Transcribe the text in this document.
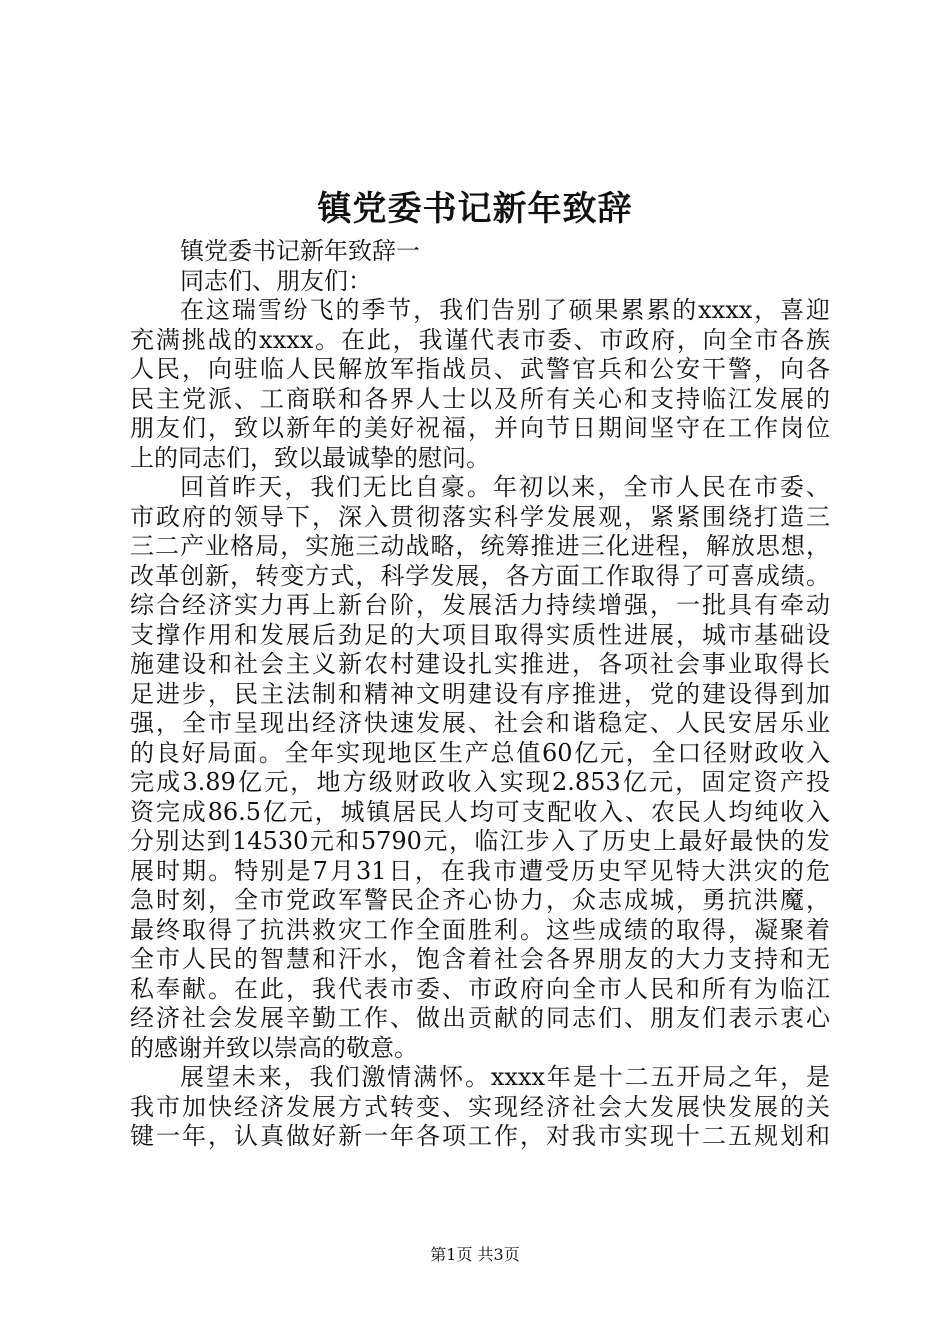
镇党委书记新年致辞
镇党委书记新年致辞一
同志们、朋友们：
在这瑞雪纷飞的季节，我们告别了硕果累累的xxxx，喜迎
充满挑战的xxxx。在此，我谨代表市委、市政府，向全市各族
人民，向驻临人民解放军指战员、武警官兵和公安干警，向各
民主党派、工商联和各界人士以及所有关心和支持临江发展的
朋友们，致以新年的美好祝福，并向节日期间坚守在工作岗位
上的同志们，致以最诚挚的慰问。
回首昨天，我们无比自豪。年初以来，全市人民在市委、
市政府的领导下，深入贯彻落实科学发展观，紧紧围绕打造三
三二产业格局，实施三动战略，统筹推进三化进程，解放思想，
改革创新，转变方式，科学发展，各方面工作取得了可喜成绩。
综合经济实力再上新台阶，发展活力持续增强，一批具有牵动
支撑作用和发展后劲足的大项目取得实质性进展，城市基础设
施建设和社会主义新农村建设扎实推进，各项社会事业取得长
足进步，民主法制和精神文明建设有序推进，党的建设得到加
强，全市呈现出经济快速发展、社会和谐稳定、人民安居乐业
的良好局面。全年实现地区生产总值60亿元，全口径财政收入
完成3.89亿元，地方级财政收入实现2.853亿元，固定资产投
资完成86.5亿元，城镇居民人均可支配收入、农民人均纯收入
分别达到14530元和5790元，临江步入了历史上最好最快的发
展时期。特别是7月31日，在我市遭受历史罕见特大洪灾的危
急时刻，全市党政军警民企齐心协力，众志成城，勇抗洪魔，
最终取得了抗洪救灾工作全面胜利。这些成绩的取得，凝聚着
全市人民的智慧和汗水，饱含着社会各界朋友的大力支持和无
私奉献。在此，我代表市委、市政府向全市人民和所有为临江
经济社会发展辛勤工作、做出贡献的同志们、朋友们表示衷心
的感谢并致以崇高的敬意。
展望未来，我们激情满怀。xxxx年是十二五开局之年，是
我市加快经济发展方式转变、实现经济社会大发展快发展的关
键一年，认真做好新一年各项工作，对我市实现十二五规划和
第1页 共3页
